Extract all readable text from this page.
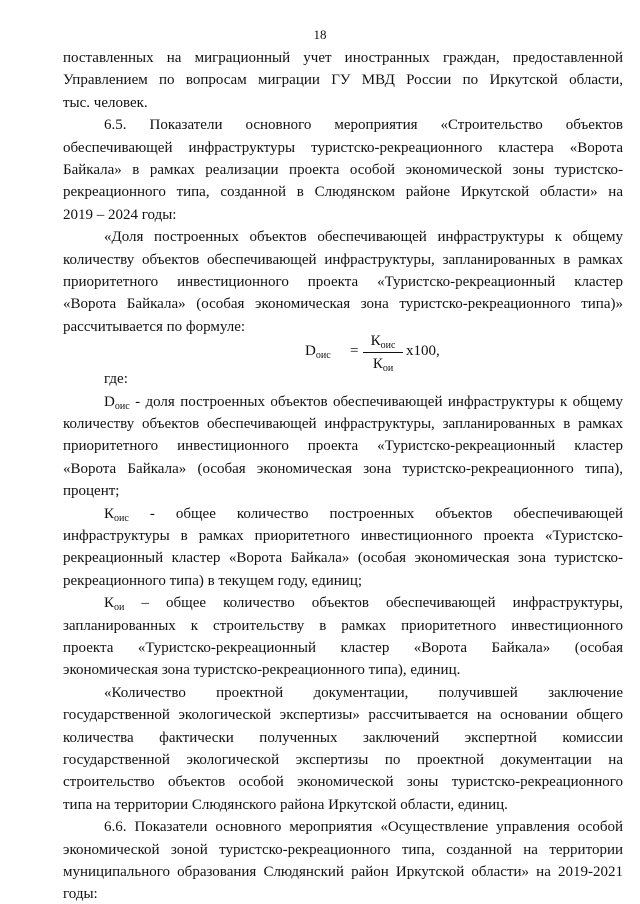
18
поставленных на миграционный учет иностранных граждан, предоставленной
Управлением по вопросам миграции ГУ МВД России по Иркутской области,
тыс. человек.
6.5. Показатели основного мероприятия «Строительство объектов
обеспечивающей инфраструктуры туристско-рекреационного кластера «Ворота
Байкала» в рамках реализации проекта особой экономической зоны туристско-
рекреационного типа, созданной в Слюдянском районе Иркутской области» на
2019 – 2024 годы:
«Доля построенных объектов обеспечивающей инфраструктуры к общему
количеству объектов обеспечивающей инфраструктуры, запланированных в рамках
приоритетного инвестиционного проекта «Туристско-рекреационный кластер
«Ворота Байкала» (особая экономическая зона туристско-рекреационного типа)»
рассчитывается по формуле:
$D_{оис}$ =
$К_{оис}$
$К_{ои}$
х100,
где:
$D_{оис}$ - доля построенных объектов обеспечивающей инфраструктуры к общему
количеству объектов обеспечивающей инфраструктуры, запланированных в рамках
приоритетного инвестиционного проекта «Туристско-рекреационный кластер
«Ворота Байкала» (особая экономическая зона туристско-рекреационного типа),
процент;
$К_{оис}$ - общее количество построенных объектов обеспечивающей
инфраструктуры в рамках приоритетного инвестиционного проекта «Туристско-
рекреационный кластер «Ворота Байкала» (особая экономическая зона туристско-
рекреационного типа) в текущем году, единиц;
$К_{ои}$ – общее количество объектов обеспечивающей инфраструктуры,
запланированных к строительству в рамках приоритетного инвестиционного
проекта «Туристско-рекреационный кластер «Ворота Байкала» (особая
экономическая зона туристско-рекреационного типа), единиц.
«Количество проектной документации, получившей заключение
государственной экологической экспертизы» рассчитывается на основании общего
количества фактически полученных заключений экспертной комиссии
государственной экологической экспертизы по проектной документации на
строительство объектов особой экономической зоны туристско-рекреационного
типа на территории Слюдянского района Иркутской области, единиц.
6.6. Показатели основного мероприятия «Осуществление управления особой
экономической зоной туристско-рекреационного типа, созданной на территории
муниципального образования Слюдянский район Иркутской области» на 2019-2021
годы:
